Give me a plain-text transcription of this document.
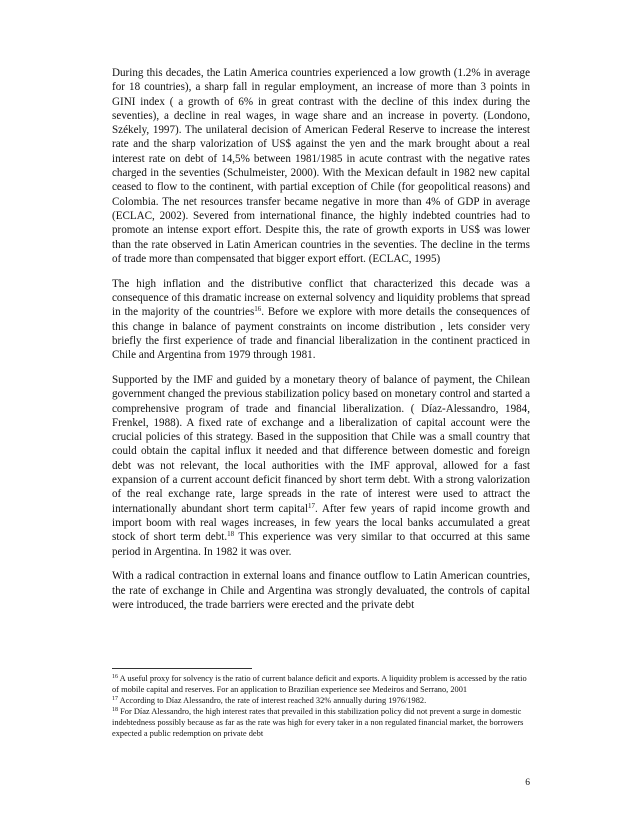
During this decades, the Latin America countries experienced a low growth (1.2% in average for 18 countries), a sharp fall in regular employment, an increase of more than 3 points in GINI index ( a growth of 6% in great contrast with the decline of this index during the seventies), a decline in real wages, in wage share and an increase in poverty. (Londono, Székely, 1997). The unilateral decision of American Federal Reserve to increase the interest rate and the sharp valorization of US$ against the yen and the mark brought about a real interest rate on debt of 14,5% between 1981/1985 in acute contrast with the negative rates charged in the seventies (Schulmeister, 2000). With the Mexican default in 1982 new capital ceased to flow to the continent, with partial exception of Chile (for geopolitical reasons) and Colombia. The net resources transfer became negative in more than 4% of GDP in average (ECLAC, 2002). Severed from international finance, the highly indebted countries had to promote an intense export effort. Despite this, the rate of growth exports in US$ was lower than the rate observed in Latin American countries in the seventies. The decline in the terms of trade more than compensated that bigger export effort. (ECLAC, 1995)

The high inflation and the distributive conflict that characterized this decade was a consequence of this dramatic increase on external solvency and liquidity problems that spread in the majority of the countries$^{16}$. Before we explore with more details the consequences of this change in balance of payment constraints on income distribution , lets consider very briefly the first experience of trade and financial liberalization in the continent practiced in Chile and Argentina from 1979 through 1981.

Supported by the IMF and guided by a monetary theory of balance of payment, the Chilean government changed the previous stabilization policy based on monetary control and started a comprehensive program of trade and financial liberalization. ( Díaz-Alessandro, 1984, Frenkel, 1988). A fixed rate of exchange and a liberalization of capital account were the crucial policies of this strategy. Based in the supposition that Chile was a small country that could obtain the capital influx it needed and that difference between domestic and foreign debt was not relevant, the local authorities with the IMF approval, allowed for a fast expansion of a current account deficit financed by short term debt. With a strong valorization of the real exchange rate, large spreads in the rate of interest were used to attract the internationally abundant short term capital$^{17}$. After few years of rapid income growth and import boom with real wages increases, in few years the local banks accumulated a great stock of short term debt.$^{18}$ This experience was very similar to that occurred at this same period in Argentina. In 1982 it was over.

With a radical contraction in external loans and finance outflow to Latin American countries, the rate of exchange in Chile and Argentina was strongly devaluated, the controls of capital were introduced, the trade barriers were erected and the private debt

$^{16}$ A useful proxy for solvency is the ratio of current balance deficit and exports. A liquidity problem is accessed by the ratio of mobile capital and reserves. For an application to Brazilian experience see Medeiros and Serrano, 2001

$^{17}$ According to Díaz Alessandro, the rate of interest reached 32% annually during 1976/1982.

$^{18}$ For Díaz Alessandro, the high interest rates that prevailed in this stabilization policy did not prevent a surge in domestic indebtedness possibly because as far as the rate was high for every taker in a non regulated financial market, the borrowers expected a public redemption on private debt

6
